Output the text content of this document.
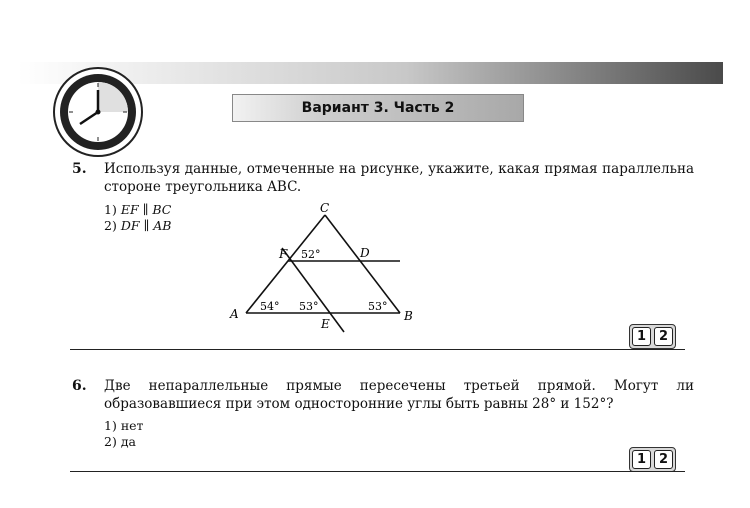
Вариант 3. Часть 2
5. Используя данные, отмеченные на рисунке, укажите, какая прямая параллельна стороне треугольника ABC.
1) EF ∥ BC
2) DF ∥ AB
C
A	B
D
F
E
52°
54° 53°	53°
1 2
6. Две непараллельные прямые пересечены третьей прямой. Могут ли образовавшиеся при этом односторонние углы быть равны 28° и 152°?
1) нет
2) да
1 2
